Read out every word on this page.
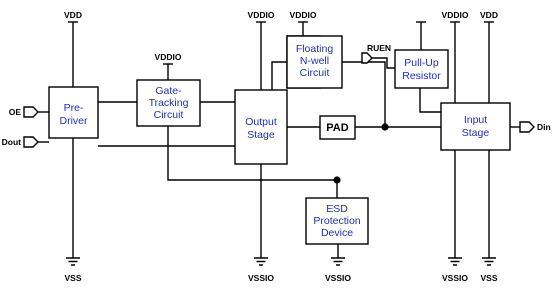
VDD
VDDIO
VDDIO VDDIO	VDDIO VDD
VSS	VSSIO	VSSIO	VSSIO VSS
OE
Dout
RUEN
Din
Pre-Driver
Gate-Tracking Circuit
Output Stage
Floating N-well Circuit
PAD
Pull-Up Resistor
Input Stage
ESD Protection Device
